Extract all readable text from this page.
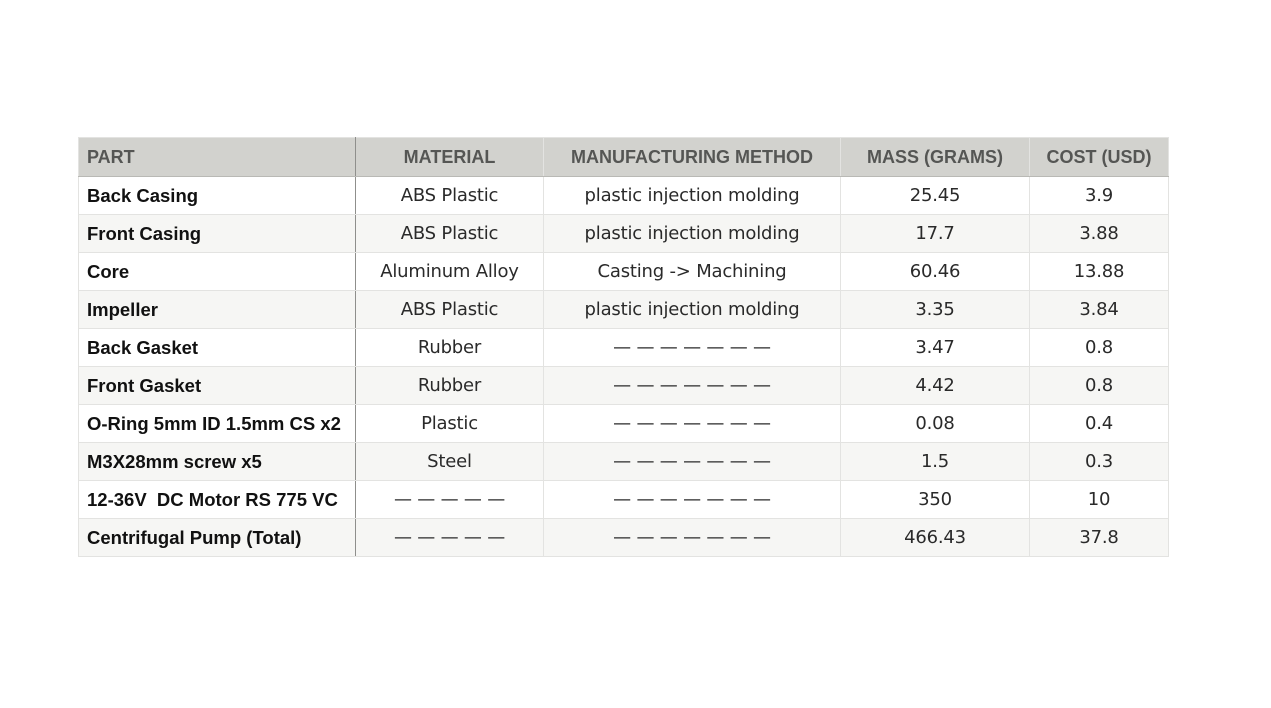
PART	MATERIAL	MANUFACTURING METHOD	MASS (GRAMS)	COST (USD)
Back Casing	ABS Plastic	plastic injection molding	25.45	3.9
Front Casing	ABS Plastic	plastic injection molding	17.7	3.88
Core	Aluminum Alloy	Casting -> Machining	60.46	13.88
Impeller	ABS Plastic	plastic injection molding	3.35	3.84
Back Gasket	Rubber	— — — — — — —	3.47	0.8
Front Gasket	Rubber	— — — — — — —	4.42	0.8
O-Ring 5mm ID 1.5mm CS x2	Plastic	— — — — — — —	0.08	0.4
M3X28mm screw x5	Steel	— — — — — — —	1.5	0.3
12-36V  DC Motor RS 775 VC	— — — — —	— — — — — — —	350	10
Centrifugal Pump (Total)	— — — — —	— — — — — — —	466.43	37.8
